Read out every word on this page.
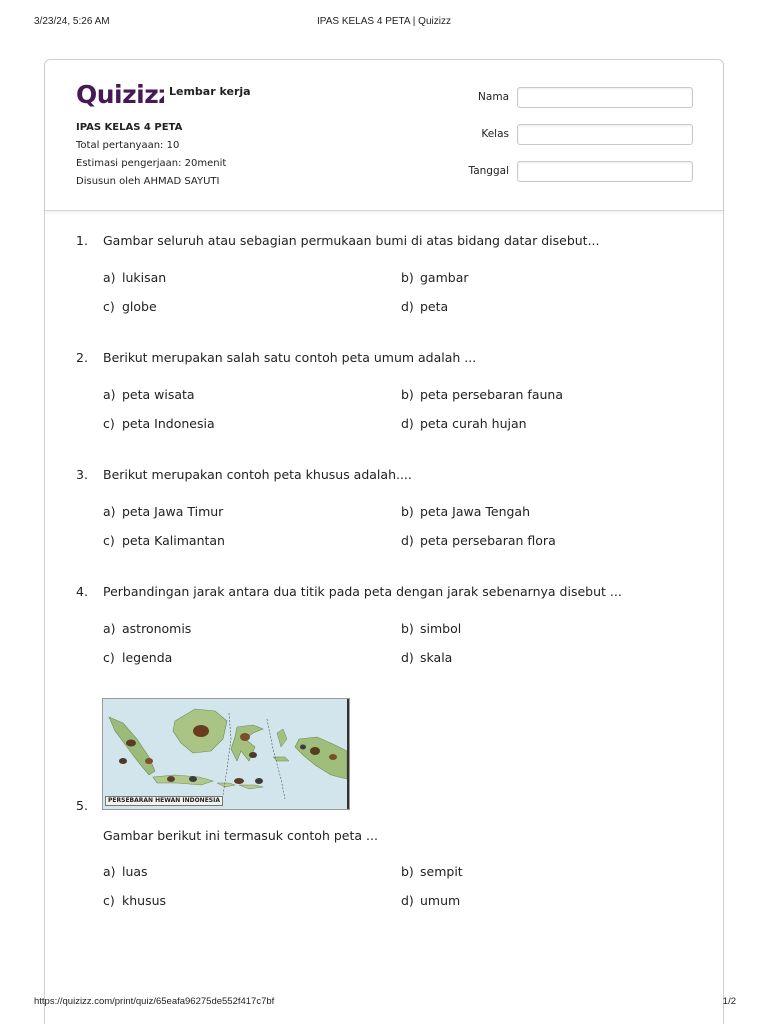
3/23/24, 5:26 AM	IPAS KELAS 4 PETA | Quizizz
Quizizz
Lembar kerja
IPAS KELAS 4 PETA
Total pertanyaan: 10
Estimasi pengerjaan: 20menit
Disusun oleh AHMAD SAYUTI
Nama
Kelas
Tanggal
1. Gambar seluruh atau sebagian permukaan bumi di atas bidang datar disebut...
a) lukisan	b) gambar
c) globe	d) peta
2. Berikut merupakan salah satu contoh peta umum adalah ...
a) peta wisata	b) peta persebaran fauna
c) peta Indonesia	d) peta curah hujan
3. Berikut merupakan contoh peta khusus adalah....
a) peta Jawa Timur	b) peta Jawa Tengah
c) peta Kalimantan	d) peta persebaran flora
4. Perbandingan jarak antara dua titik pada peta dengan jarak sebenarnya disebut ...
a) astronomis	b) simbol
c) legenda	d) skala
PERSEBARAN HEWAN INDONESIA
5.
Gambar berikut ini termasuk contoh peta ...
a) luas	b) sempit
c) khusus	d) umum
https://quizizz.com/print/quiz/65eafa96275de552f417c7bf	1/2
